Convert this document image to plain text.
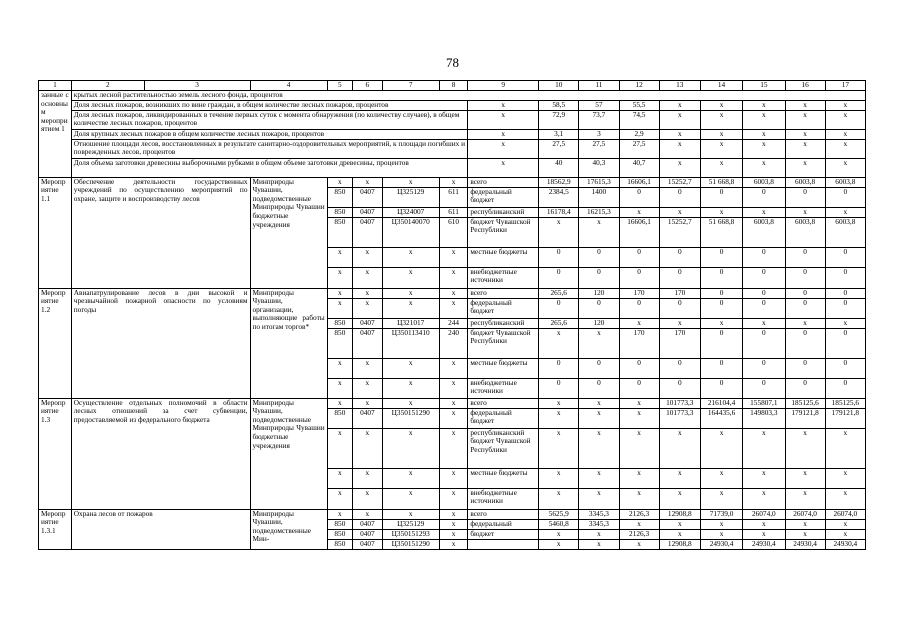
78
1	2	3	4	5	6	7	8	9	10	11	12	13	14	15	16	17
занные с основным мероприятием 1	крытых лесной растительностью земель лесного фонда, процентов															
	Доля лесных пожаров, возникших по вине граждан, в общем количестве лесных пожаров, процентов							x	58,5	57	55,5	x	x	x	x	x
	Доля лесных пожаров, ликвидированных в течение первых суток с момента обнаружения (по количеству случаев), в общем количестве лесных пожаров, процентов							x	72,9	73,7	74,5	x	x	x	x	x
	Доля крупных лесных пожаров в общем количестве лесных пожаров, процентов							x	3,1	3	2,9	x	x	x	x	x
	Отношение площади лесов, восстановленных в результате санитарно-оздоровительных мероприятий, к площади погибших и поврежденных лесов, процентов							x	27,5	27,5	27,5	x	x	x	x	x
	Доля объема заготовки древесины выборочными рубками в общем объеме заготовки древесины, процентов							x	40	40,3	40,7	x	x	x	x	x
Мероприятие 1.1	Обеспечение деятельности государственных учреждений по осуществлению мероприятий по охране, защите и воспроизводству лесов		Минприроды Чувашии, подведомственные Минприроды Чувашии бюджетные учреждения	x	x	x	x	всего	18562,9	17615,3	16606,1	15252,7	51 668,8	6003,8	6003,8	6003,8
				850	0407	Ц325129	611	федеральный бюджет	2384,5	1400	0	0	0	0	0	0
				850	0407	Ц324007	611	республиканский	16178,4	16215,3	x	x	x	x	x	x
				850	0407	Ц350140070	610	бюджет Чувашской Республики	x	x	16606,1	15252,7	51 668,8	6003,8	6003,8	6003,8
				x	x	x	x	местные бюджеты	0	0	0	0	0	0	0	0
				x	x	x	x	внебюджетные источники	0	0	0	0	0	0	0	0
Мероприятие 1.2	Авиапатрулирование лесов в дни высокой и чрезвычайной пожарной опасности по условиям погоды		Минприроды Чувашии, организации, выполняющие работы по итогам торгов*	x	x	x	x	всего	265,6	120	170	170	0	0	0	0
				x	x	x	x	федеральный бюджет	0	0	0	0	0	0	0	0
				850	0407	Ц321017	244	республиканский	265,6	120	x	x	x	x	x	x
				850	0407	Ц350113410	240	бюджет Чувашской Республики	x	x	170	170	0	0	0	0
				x	x	x	x	местные бюджеты	0	0	0	0	0	0	0	0
				x	x	x	x	внебюджетные источники	0	0	0	0	0	0	0	0
Мероприятие 1.3	Осуществление отдельных полномочий в области лесных отношений за счет субвенции, предоставляемой из федерального бюджета		Минприроды Чувашии, подведомственные Минприроды Чувашии бюджетные учреждения	x	x	x	x	всего	x	x	x	101773,3	216104,4	155807,1	185125,6	185125,6
				850	0407	Ц350151290	x	федеральный бюджет	x	x	x	101773,3	164435,6	149803,3	179121,8	179121,8
				x	x	x	x	республиканский бюджет Чувашской Республики	x	x	x	x	x	x	x	x
				x	x	x	x	местные бюджеты	x	x	x	x	x	x	x	x
				x	x	x	x	внебюджетные источники	x	x	x	x	x	x	x	x
Мероприятие 1.3.1	Охрана лесов от пожаров		Минприроды Чувашии, подведомственные Мин-	x	x	x	x	всего	5625,9	3345,3	2126,3	12908,8	71739,0	26074,0	26074,0	26074,0
				850	0407	Ц325129	x	федеральный	5460,8	3345,3	x	x	x	x	x	x
				850	0407	Ц350151293	x	бюджет	x	x	2126,3	x	x	x	x	x
				850	0407	Ц350151290	x		x	x	x	12908,8	24930,4	24930,4	24930,4	24930,4
